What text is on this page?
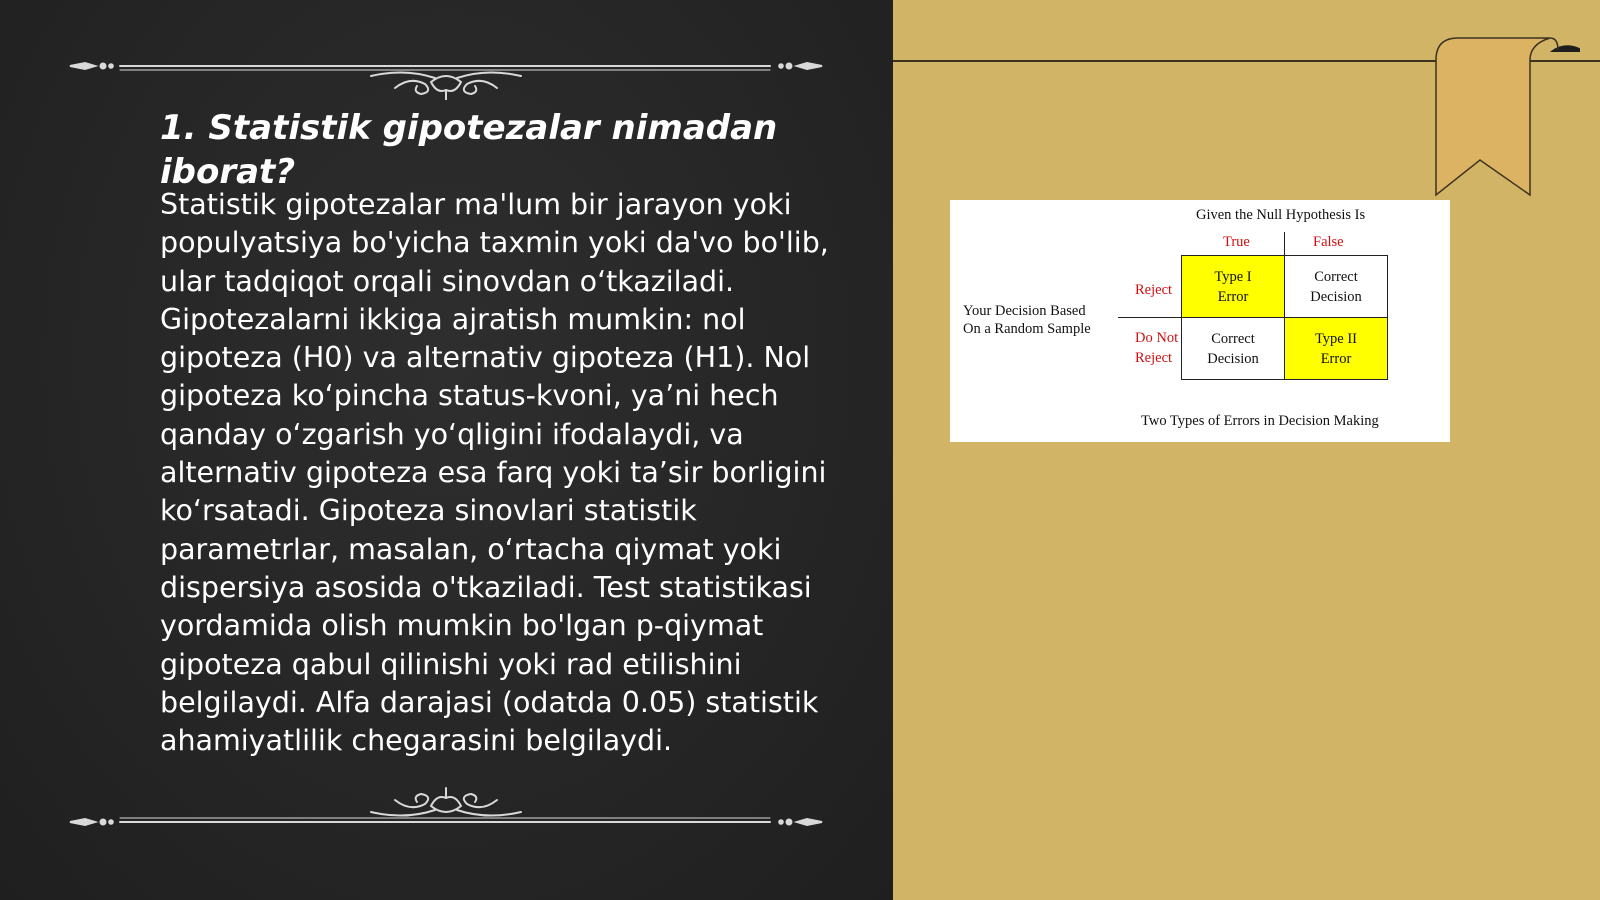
1. Statistik gipotezalar nimadan iborat?

Statistik gipotezalar ma'lum bir jarayon yoki populyatsiya bo'yicha taxmin yoki da'vo bo'lib, ular tadqiqot orqali sinovdan o‘tkaziladi. Gipotezalarni ikkiga ajratish mumkin: nol gipoteza (H0) va alternativ gipoteza (H1). Nol gipoteza ko‘pincha status-kvoni, ya’ni hech qanday o‘zgarish yo‘qligini ifodalaydi, va alternativ gipoteza esa farq yoki ta’sir borligini ko‘rsatadi. Gipoteza sinovlari statistik parametrlar, masalan, o‘rtacha qiymat yoki dispersiya asosida o'tkaziladi. Test statistikasi yordamida olish mumkin bo'lgan p-qiymat gipoteza qabul qilinishi yoki rad etilishini belgilaydi. Alfa darajasi (odatda 0.05) statistik ahamiyatlilik chegarasini belgilaydi.

Given the Null Hypothesis Is
True	False
Your Decision Based
On a Random Sample
Reject
Do Not
Reject
Type I
Error
Correct
Decision
Correct
Decision
Type II
Error
Two Types of Errors in Decision Making
